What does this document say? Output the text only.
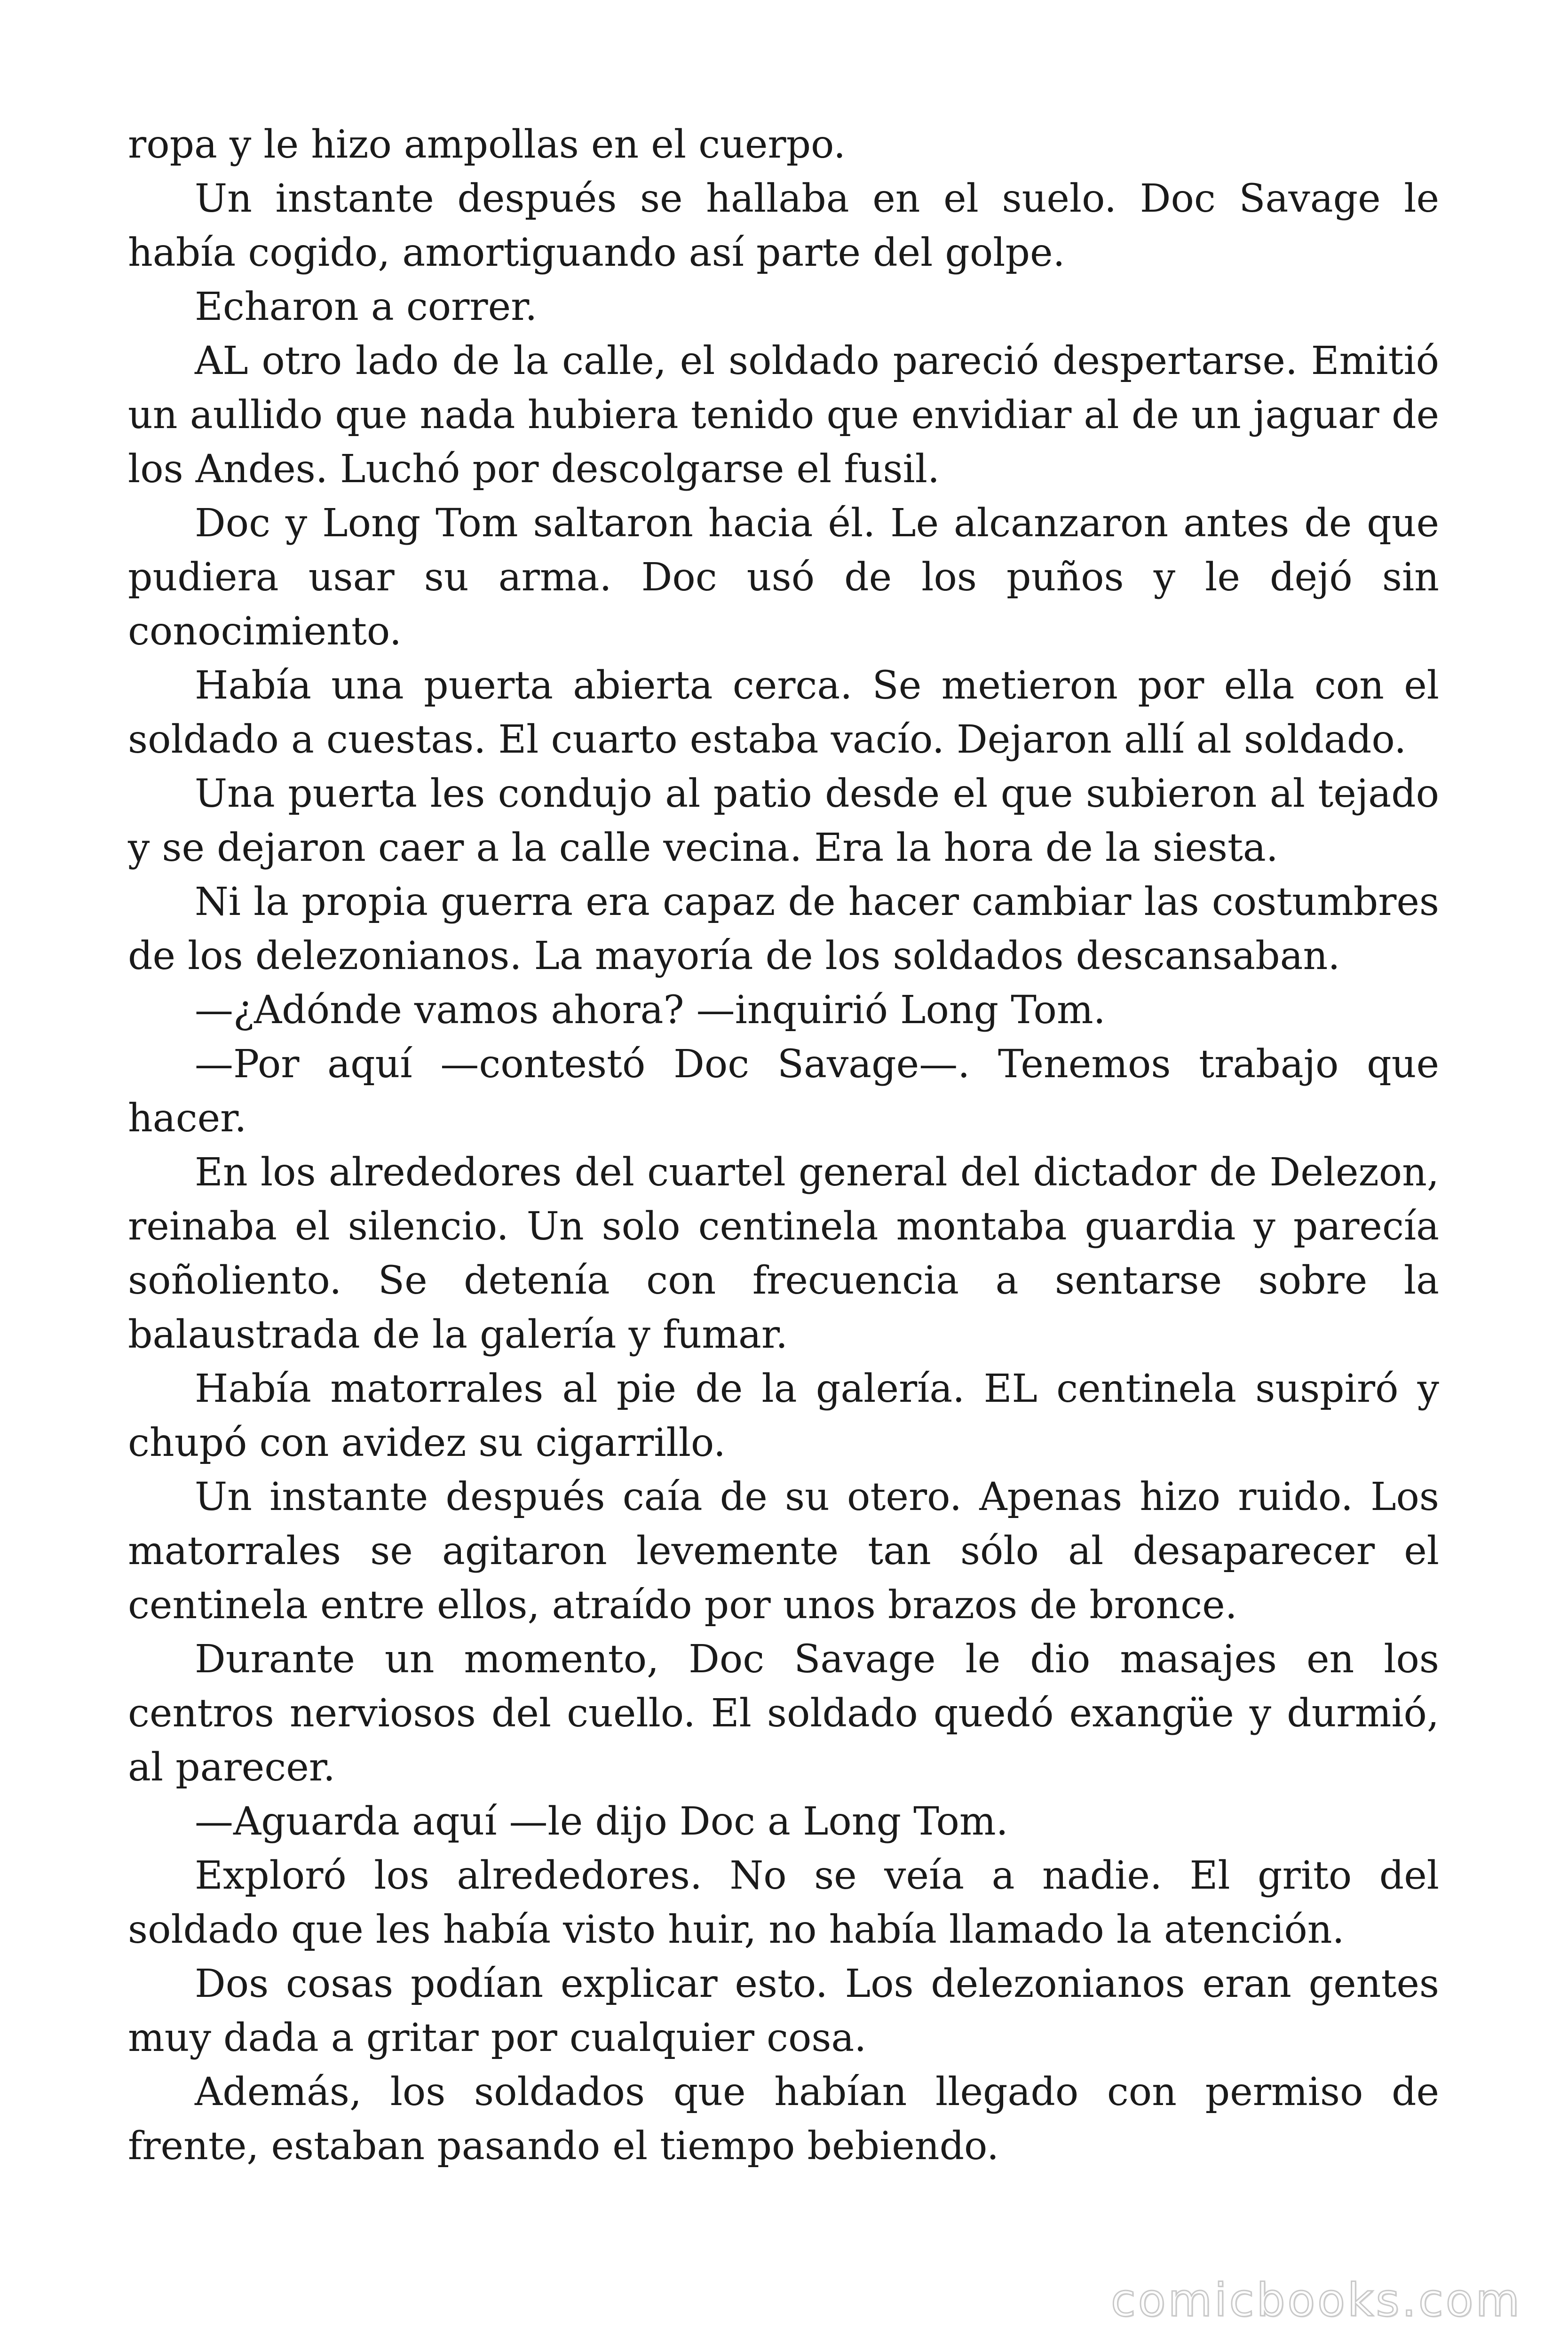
ropa y le hizo ampollas en el cuerpo.

Un instante después se hallaba en el suelo. Doc Savage le había cogido, amortiguando así parte del golpe.

Echaron a correr.

AL otro lado de la calle, el soldado pareció despertarse. Emitió un aullido que nada hubiera tenido que envidiar al de un jaguar de los Andes. Luchó por descolgarse el fusil.

Doc y Long Tom saltaron hacia él. Le alcanzaron antes de que pudiera usar su arma. Doc usó de los puños y le dejó sin conocimiento.

Había una puerta abierta cerca. Se metieron por ella con el soldado a cuestas. El cuarto estaba vacío. Dejaron allí al soldado.

Una puerta les condujo al patio desde el que subieron al tejado y se dejaron caer a la calle vecina. Era la hora de la siesta.

Ni la propia guerra era capaz de hacer cambiar las costumbres de los delezonianos. La mayoría de los soldados descansaban.

—¿Adónde vamos ahora? —inquirió Long Tom.

—Por aquí —contestó Doc Savage—. Tenemos trabajo que hacer.

En los alrededores del cuartel general del dictador de Delezon, reinaba el silencio. Un solo centinela montaba guardia y parecía soñoliento. Se detenía con frecuencia a sentarse sobre la balaustrada de la galería y fumar.

Había matorrales al pie de la galería. EL centinela suspiró y chupó con avidez su cigarrillo.

Un instante después caía de su otero. Apenas hizo ruido. Los matorrales se agitaron levemente tan sólo al desaparecer el centinela entre ellos, atraído por unos brazos de bronce.

Durante un momento, Doc Savage le dio masajes en los centros nerviosos del cuello. El soldado quedó exangüe y durmió, al parecer.

—Aguarda aquí —le dijo Doc a Long Tom.

Exploró los alrededores. No se veía a nadie. El grito del soldado que les había visto huir, no había llamado la atención.

Dos cosas podían explicar esto. Los delezonianos eran gentes muy dada a gritar por cualquier cosa.

Además, los soldados que habían llegado con permiso de frente, estaban pasando el tiempo bebiendo.

comicbooks.com
